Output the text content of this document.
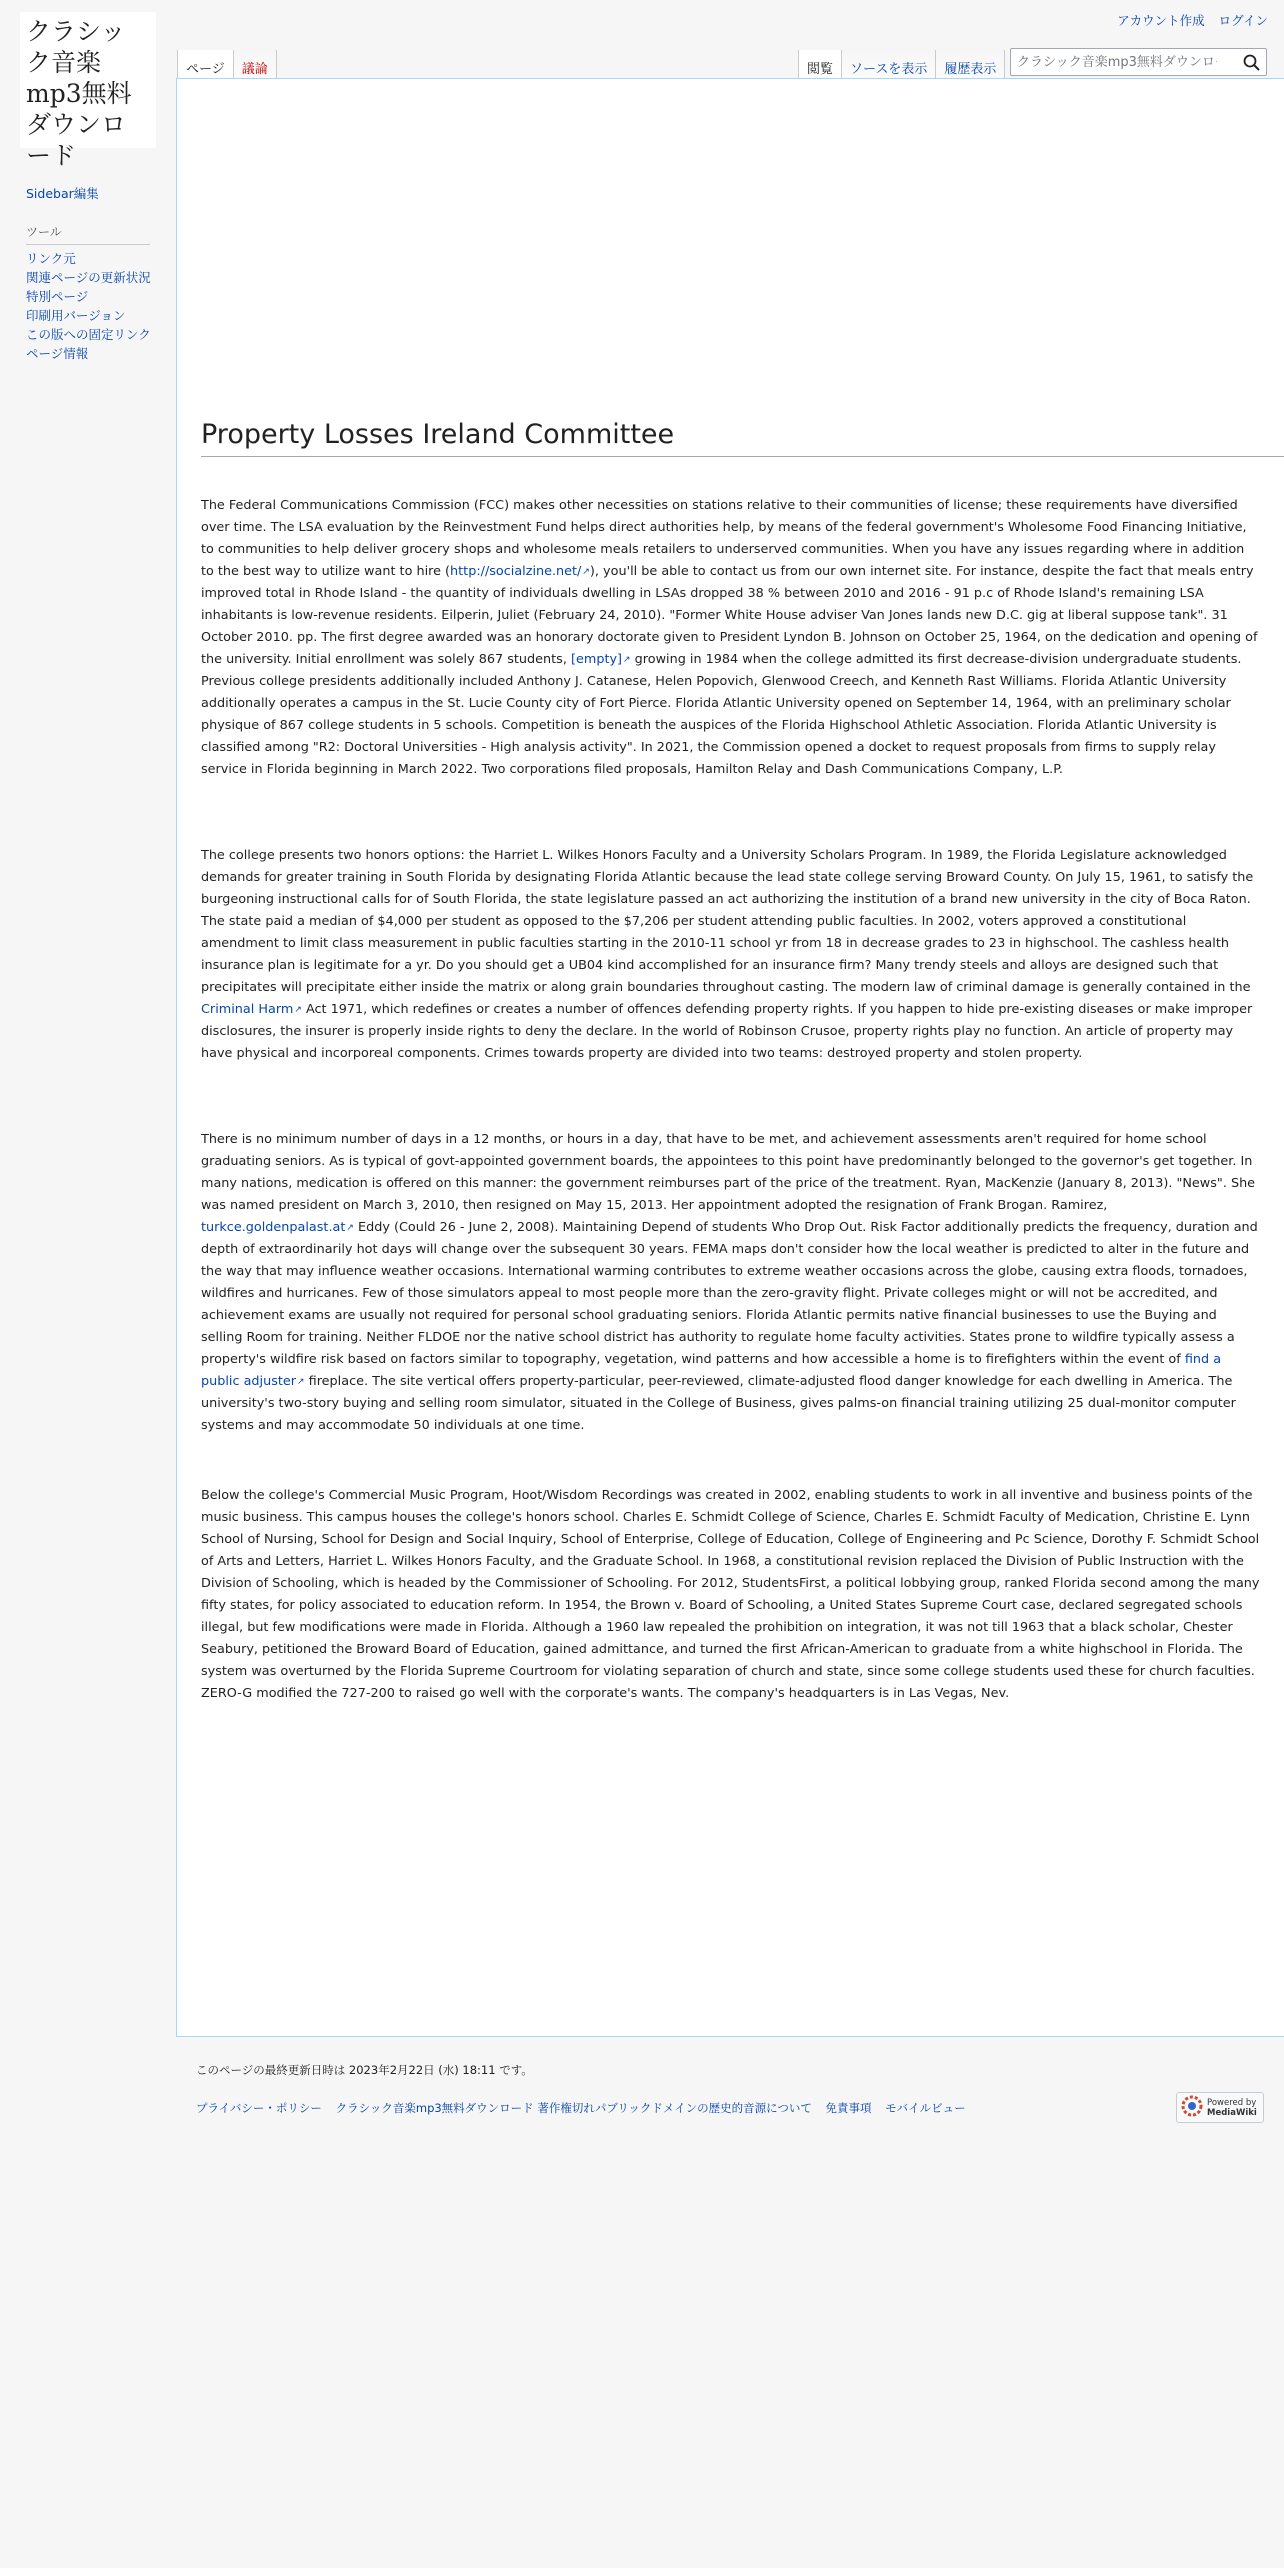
クラシック音楽mp3無料ダウンロード
アカウント作成 ログイン
Sidebar編集
ツール
リンク元
関連ページの更新状況
特別ページ
印刷用バージョン
この版への固定リンク
ページ情報
ページ	議論	閲覧	ソースを表示	履歴表示
クラシック音楽mp3無料ダウンロード
Property Losses Ireland Committee

The Federal Communications Commission (FCC) makes other necessities on stations relative to their communities of license; these requirements have diversified over time. The LSA evaluation by the Reinvestment Fund helps direct authorities help, by means of the federal government's Wholesome Food Financing Initiative, to communities to help deliver grocery shops and wholesome meals retailers to underserved communities. When you have any issues regarding where in addition to the best way to utilize want to hire (http://socialzine.net/ ↗ ), you'll be able to contact us from our own internet site. For instance, despite the fact that meals entry improved total in Rhode Island - the quantity of individuals dwelling in LSAs dropped 38 % between 2010 and 2016 - 91 p.c of Rhode Island's remaining LSA inhabitants is low-revenue residents. Eilperin, Juliet (February 24, 2010). "Former White House adviser Van Jones lands new D.C. gig at liberal suppose tank". 31 October 2010. pp. The first degree awarded was an honorary doctorate given to President Lyndon B. Johnson on October 25, 1964, on the dedication and opening of the university. Initial enrollment was solely 867 students, [empty] ↗ growing in 1984 when the college admitted its first decrease-division undergraduate students. Previous college presidents additionally included Anthony J. Catanese, Helen Popovich, Glenwood Creech, and Kenneth Rast Williams. Florida Atlantic University additionally operates a campus in the St. Lucie County city of Fort Pierce. Florida Atlantic University opened on September 14, 1964, with an preliminary scholar physique of 867 college students in 5 schools. Competition is beneath the auspices of the Florida Highschool Athletic Association. Florida Atlantic University is classified among "R2: Doctoral Universities - High analysis activity". In 2021, the Commission opened a docket to request proposals from firms to supply relay service in Florida beginning in March 2022. Two corporations filed proposals, Hamilton Relay and Dash Communications Company, L.P.

The college presents two honors options: the Harriet L. Wilkes Honors Faculty and a University Scholars Program. In 1989, the Florida Legislature acknowledged demands for greater training in South Florida by designating Florida Atlantic because the lead state college serving Broward County. On July 15, 1961, to satisfy the burgeoning instructional calls for of South Florida, the state legislature passed an act authorizing the institution of a brand new university in the city of Boca Raton. The state paid a median of $4,000 per student as opposed to the $7,206 per student attending public faculties. In 2002, voters approved a constitutional amendment to limit class measurement in public faculties starting in the 2010-11 school yr from 18 in decrease grades to 23 in highschool. The cashless health insurance plan is legitimate for a yr. Do you should get a UB04 kind accomplished for an insurance firm? Many trendy steels and alloys are designed such that precipitates will precipitate either inside the matrix or along grain boundaries throughout casting. The modern law of criminal damage is generally contained in the Criminal Harm ↗ Act 1971, which redefines or creates a number of offences defending property rights. If you happen to hide pre-existing diseases or make improper disclosures, the insurer is properly inside rights to deny the declare. In the world of Robinson Crusoe, property rights play no function. An article of property may have physical and incorporeal components. Crimes towards property are divided into two teams: destroyed property and stolen property.

There is no minimum number of days in a 12 months, or hours in a day, that have to be met, and achievement assessments aren't required for home school graduating seniors. As is typical of govt-appointed government boards, the appointees to this point have predominantly belonged to the governor's get together. In many nations, medication is offered on this manner: the government reimburses part of the price of the treatment. Ryan, MacKenzie (January 8, 2013). "News". She was named president on March 3, 2010, then resigned on May 15, 2013. Her appointment adopted the resignation of Frank Brogan. Ramirez, turkce.goldenpalast.at ↗ Eddy (Could 26 - June 2, 2008). Maintaining Depend of students Who Drop Out. Risk Factor additionally predicts the frequency, duration and depth of extraordinarily hot days will change over the subsequent 30 years. FEMA maps don't consider how the local weather is predicted to alter in the future and the way that may influence weather occasions. International warming contributes to extreme weather occasions across the globe, causing extra floods, tornadoes, wildfires and hurricanes. Few of those simulators appeal to most people more than the zero-gravity flight. Private colleges might or will not be accredited, and achievement exams are usually not required for personal school graduating seniors. Florida Atlantic permits native financial businesses to use the Buying and selling Room for training. Neither FLDOE nor the native school district has authority to regulate home faculty activities. States prone to wildfire typically assess a property's wildfire risk based on factors similar to topography, vegetation, wind patterns and how accessible a home is to firefighters within the event of find a public adjuster ↗ fireplace. The site vertical offers property-particular, peer-reviewed, climate-adjusted flood danger knowledge for each dwelling in America. The university's two-story buying and selling room simulator, situated in the College of Business, gives palms-on financial training utilizing 25 dual-monitor computer systems and may accommodate 50 individuals at one time.

Below the college's Commercial Music Program, Hoot/Wisdom Recordings was created in 2002, enabling students to work in all inventive and business points of the music business. This campus houses the college's honors school. Charles E. Schmidt College of Science, Charles E. Schmidt Faculty of Medication, Christine E. Lynn School of Nursing, School for Design and Social Inquiry, School of Enterprise, College of Education, College of Engineering and Pc Science, Dorothy F. Schmidt School of Arts and Letters, Harriet L. Wilkes Honors Faculty, and the Graduate School. In 1968, a constitutional revision replaced the Division of Public Instruction with the Division of Schooling, which is headed by the Commissioner of Schooling. For 2012, StudentsFirst, a political lobbying group, ranked Florida second among the many fifty states, for policy associated to education reform. In 1954, the Brown v. Board of Schooling, a United States Supreme Court case, declared segregated schools illegal, but few modifications were made in Florida. Although a 1960 law repealed the prohibition on integration, it was not till 1963 that a black scholar, Chester Seabury, petitioned the Broward Board of Education, gained admittance, and turned the first African-American to graduate from a white highschool in Florida. The system was overturned by the Florida Supreme Courtroom for violating separation of church and state, since some college students used these for church faculties. ZERO-G modified the 727-200 to raised go well with the corporate's wants. The company's headquarters is in Las Vegas, Nev.

このページの最終更新日時は 2023年2月22日 (水) 18:11 です。

プライバシー・ポリシー クラシック音楽mp3無料ダウンロード 著作権切れパブリックドメインの歴史的音源について 免責事項 モバイルビュー	Powered by
MediaWiki
